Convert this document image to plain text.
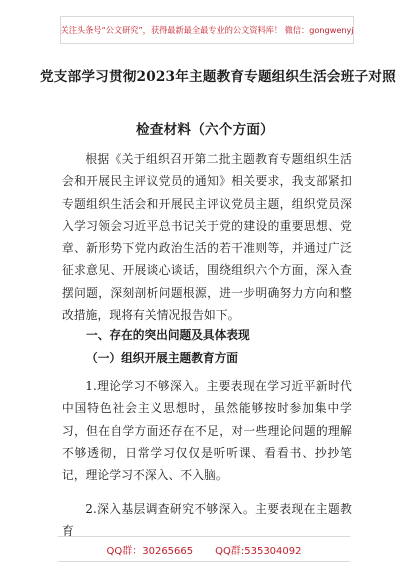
关注头条号“公文研究”，获得最新最全最专业的公文资料库！ 微信：gongwenyj
党支部学习贯彻2023年主题教育专题组织生活会班子对照
检查材料（六个方面）

根据《关于组织召开第二批主题教育专题组织生活会和开展民主评议党员的通知》相关要求，我支部紧扣专题组织生活会和开展民主评议党员主题，组织党员深入学习领会习近平总书记关于党的建设的重要思想、党章、新形势下党内政治生活的若干准则等，并通过广泛征求意见、开展谈心谈话，围绕组织六个方面，深入查摆问题，深刻剖析问题根源，进一步明确努力方向和整改措施，现将有关情况报告如下。

一、存在的突出问题及具体表现
（一）组织开展主题教育方面

1.理论学习不够深入。主要表现在学习近平新时代中国特色社会主义思想时，虽然能够按时参加集中学习，但在自学方面还存在不足，对一些理论问题的理解不够透彻，日常学习仅仅是听听课、看看书、抄抄笔记，理论学习不深入、不入脑。

2.深入基层调查研究不够深入。主要表现在主题教育

QQ群：30265665 QQ群:535304092
